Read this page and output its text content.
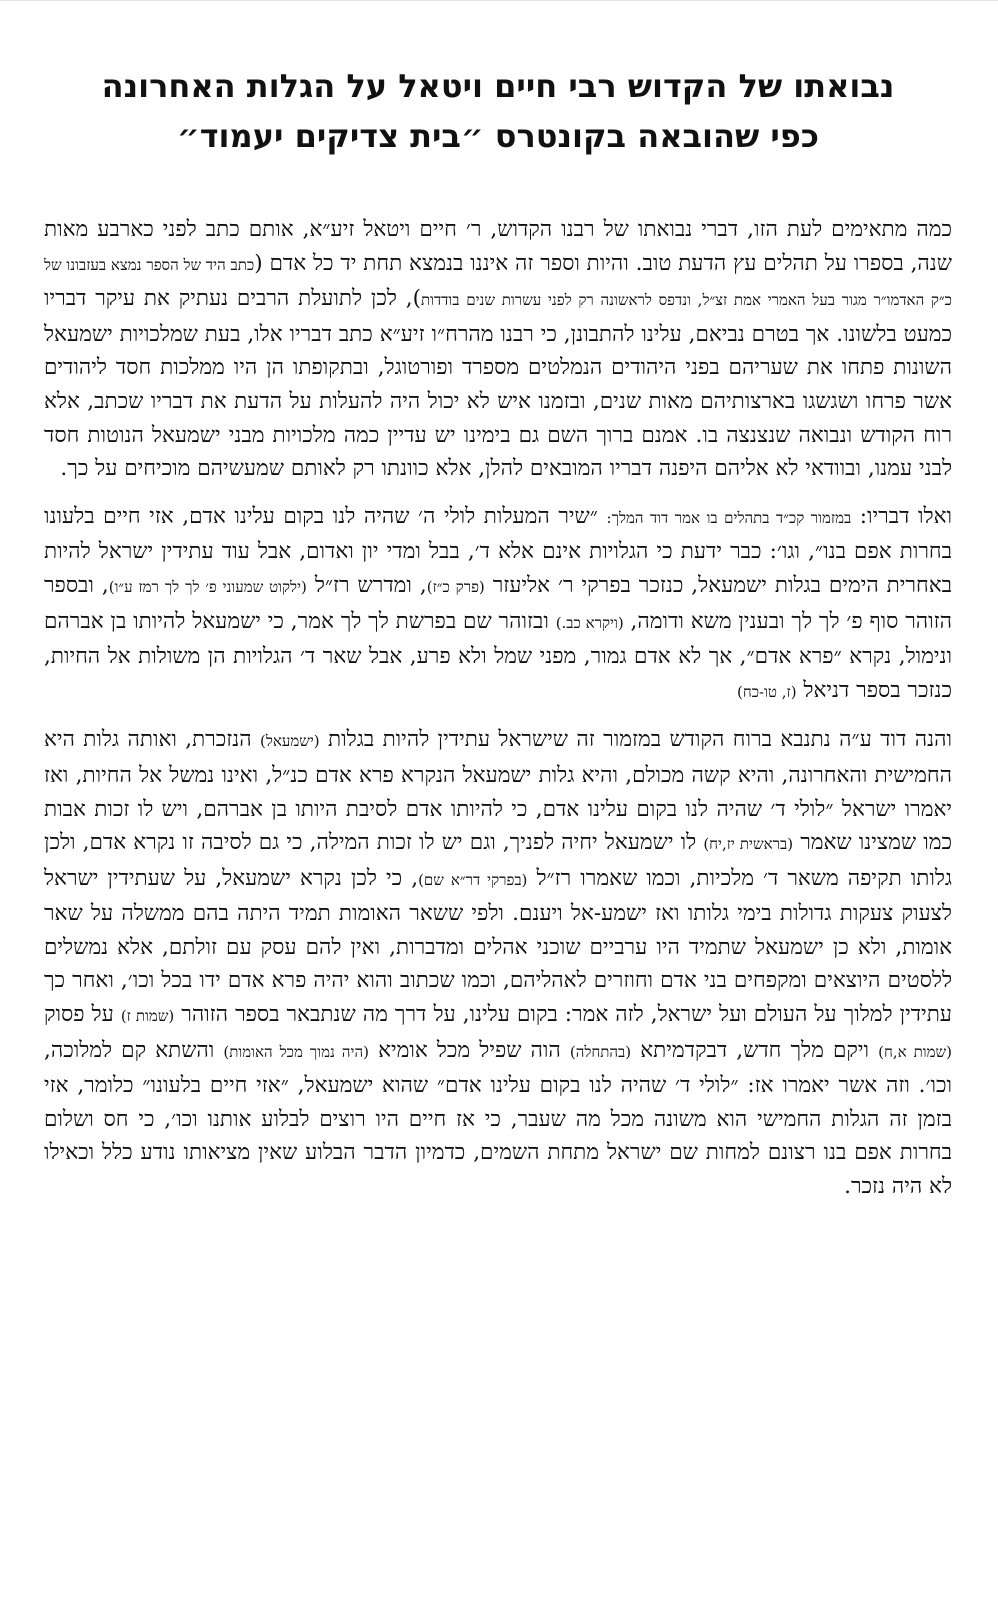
נבואתו של הקדוש רבי חיים ויטאל על הגלות האחרונה
כפי שהובאה בקונטרס ״בית צדיקים יעמוד״

כמה מתאימים לעת הזו, דברי נבואתו של רבנו הקדוש, ר׳ חיים ויטאל זיע״א, אותם כתב לפני כארבע מאות שנה, בספרו על תהלים עץ הדעת טוב. והיות וספר זה איננו בנמצא תחת יד כל אדם (כתב היד של הספר נמצא בעזבונו של כ״ק האדמו״ר מגור בעל האמרי אמת זצ״ל, ונדפס לראשונה רק לפני עשרות שנים בודדות), לכן לתועלת הרבים נעתיק את עיקר דבריו כמעט בלשונו. אך בטרם נביאם, עלינו להתבונן, כי רבנו מהרח״ו זיע״א כתב דבריו אלו, בעת שמלכויות ישמעאל השונות פתחו את שעריהם בפני היהודים הנמלטים מספרד ופורטוגל, ובתקופתו הן היו ממלכות חסד ליהודים אשר פרחו ושגשגו בארצותיהם מאות שנים, ובזמנו איש לא יכול היה להעלות על הדעת את דבריו שכתב, אלא רוח הקודש ונבואה שנצנצה בו. אמנם ברוך השם גם בימינו יש עדיין כמה מלכויות מבני ישמעאל הנוטות חסד לבני עמנו, ובוודאי לא אליהם היפנה דבריו המובאים להלן, אלא כוונתו רק לאותם שמעשיהם מוכיחים על כך.

ואלו דבריו: במזמור קכ״ד בתהלים בו אמר דוד המלך: ״שיר המעלות לולי ה׳ שהיה לנו בקום עלינו אדם, אזי חיים בלעונו בחרות אפם בנו״, וגו׳: כבר ידעת כי הגלויות אינם אלא ד׳, בבל ומדי יון ואדום, אבל עוד עתידין ישראל להיות באחרית הימים בגלות ישמעאל, כנזכר בפרקי ר׳ אליעזר (פרק כ״ז), ומדרש רז״ל (ילקוט שמעוני פ׳ לך לך רמז ע״ו), ובספר הזוהר סוף פ׳ לך לך ובענין משא ודומה, (ויקרא כב.) ובזוהר שם בפרשת לך לך אמר, כי ישמעאל להיותו בן אברהם ונימול, נקרא ״פרא אדם״, אך לא אדם גמור, מפני שמל ולא פרע, אבל שאר ד׳ הגלויות הן משולות אל החיות, כנזכר בספר דניאל (ז, טו-כח)

והנה דוד ע״ה נתנבא ברוח הקודש במזמור זה שישראל עתידין להיות בגלות (ישמעאל) הנזכרת, ואותה גלות היא החמישית והאחרונה, והיא קשה מכולם, והיא גלות ישמעאל הנקרא פרא אדם כנ״ל, ואינו נמשל אל החיות, ואז יאמרו ישראל ״לולי ד׳ שהיה לנו בקום עלינו אדם, כי להיותו אדם לסיבת היותו בן אברהם, ויש לו זכות אבות כמו שמצינו שאמר (בראשית יז,יח) לו ישמעאל יחיה לפניך, וגם יש לו זכות המילה, כי גם לסיבה זו נקרא אדם, ולכן גלותו תקיפה משאר ד׳ מלכיות, וכמו שאמרו רז״ל (בפרקי דר״א שם), כי לכן נקרא ישמעאל, על שעתידין ישראל לצעוק צעקות גדולות בימי גלותו ואז ישמע-אל ויענם. ולפי ששאר האומות תמיד היתה בהם ממשלה על שאר אומות, ולא כן ישמעאל שתמיד היו ערביים שוכני אהלים ומדברות, ואין להם עסק עם זולתם, אלא נמשלים ללסטים היוצאים ומקפחים בני אדם וחוזרים לאהליהם, וכמו שכתוב והוא יהיה פרא אדם ידו בכל וכו׳, ואחר כך עתידין למלוך על העולם ועל ישראל, לזה אמר: בקום עלינו, על דרך מה שנתבאר בספר הזוהר (שמות ז) על פסוק (שמות א,ח) ויקם מלך חדש, דבקדמיתא (בהתחלה) הוה שפיל מכל אומיא (היה נמוך מכל האומות) והשתא קם למלוכה, וכו׳. וזה אשר יאמרו אז: ״לולי ד׳ שהיה לנו בקום עלינו אדם״ שהוא ישמעאל, ״אזי חיים בלעונו״ כלומר, אזי בזמן זה הגלות החמישי הוא משונה מכל מה שעבר, כי אז חיים היו רוצים לבלוע אותנו וכו׳, כי חס ושלום בחרות אפם בנו רצונם למחות שם ישראל מתחת השמים, כדמיון הדבר הבלוע שאין מציאותו נודע כלל וכאילו לא היה נזכר.
